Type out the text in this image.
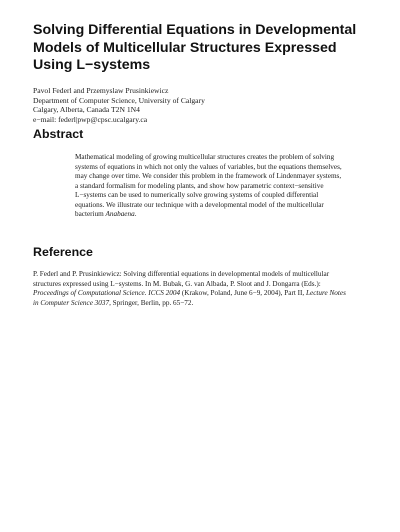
Solving Differential Equations in Developmental
Models of Multicellular Structures Expressed
Using L−systems
Pavol Federl and Przemyslaw Prusinkiewicz
Department of Computer Science, University of Calgary
Calgary, Alberta, Canada T2N 1N4
e−mail: federl|pwp@cpsc.ucalgary.ca
Abstract
Mathematical modeling of growing multicellular structures creates the problem of solving
systems of equations in which not only the values of variables, but the equations themselves,
may change over time. We consider this problem in the framework of Lindenmayer systems,
a standard formalism for modeling plants, and show how parametric context−sensitive
L−systems can be used to numerically solve growing systems of coupled differential
equations. We illustrate our technique with a developmental model of the multicellular
bacterium Anabaena.
Reference
P. Federl and P. Prusinkiewicz: Solving differential equations in developmental models of multicellular
structures expressed using L−systems. In M. Bubak, G. van Albada, P. Sloot and J. Dongarra (Eds.):
Proceedings of Computational Science. ICCS 2004 (Krakow, Poland, June 6−9, 2004), Part II, Lecture Notes
in Computer Science 3037, Springer, Berlin, pp. 65−72.
